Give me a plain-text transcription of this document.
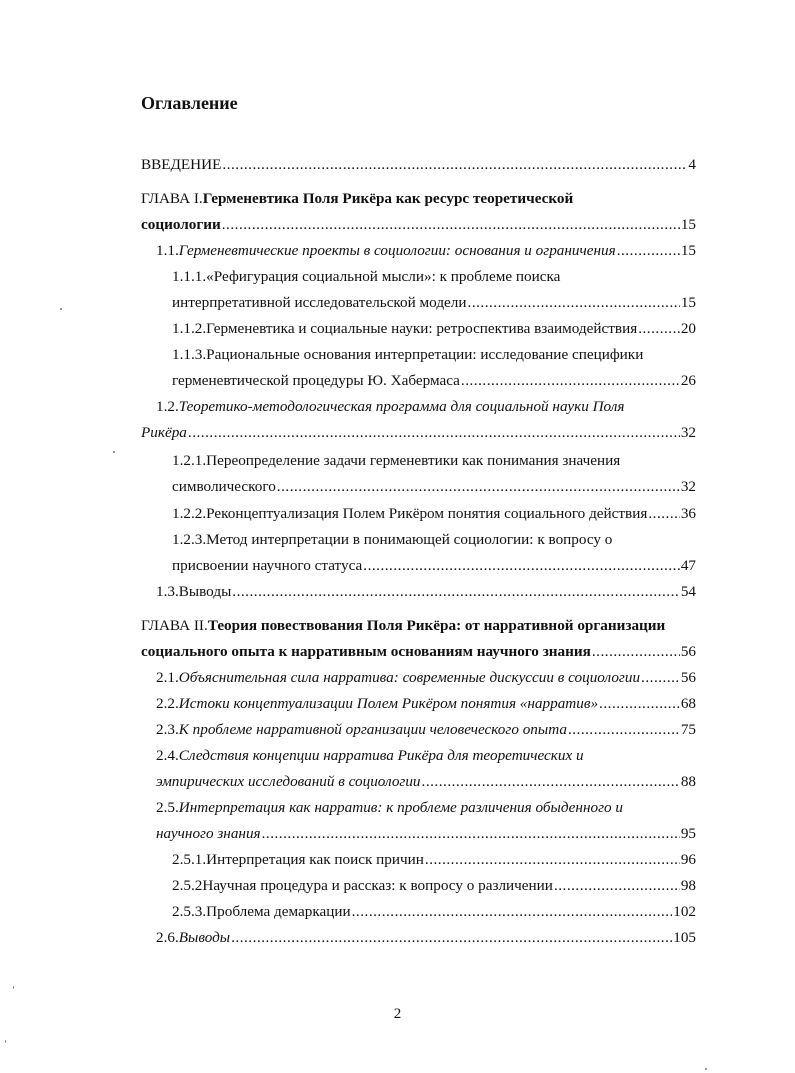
Оглавление
ВВЕДЕНИЕ .....	4
ГЛАВА I. Герменевтика Поля Рикёра как ресурс теоретической
социологии .....	15
1.1. Герменевтические проекты в социологии: основания и ограничения .....	15
1.1.1. «Рефигурация социальной мысли»: к проблеме поиска
интерпретативной исследовательской модели .....	15
1.1.2. Герменевтика и социальные науки: ретроспектива взаимодействия .....	20
1.1.3. Рациональные основания интерпретации: исследование специфики
герменевтической процедуры Ю. Хабермаса .....	26
1.2. Теоретико-методологическая программа для социальной науки Поля
Рикёра .....	32
1.2.1. Переопределение задачи герменевтики как понимания значения
символического .....	32
1.2.2. Реконцептуализация Полем Рикёром понятия социального действия ..... 36
1.2.3. Метод интерпретации в понимающей социологии: к вопросу о
присвоении научного статуса .....	47
1.3. Выводы .....	54
ГЛАВА II. Теория повествования Поля Рикёра: от нарративной организации
социального опыта к нарративным основаниям научного знания .....	56
2.1. Объяснительная сила нарратива: современные дискуссии в социологии .....	56
2.2. Истоки концептуализации Полем Рикёром понятия «нарратив» .....	68
2.3. К проблеме нарративной организации человеческого опыта .....	75
2.4. Следствия концепции нарратива Рикёра для теоретических и
эмпирических исследований в социологии .....	88
2.5. Интерпретация как нарратив: к проблеме различения обыденного и
научного знания .....	95
2.5.1. Интерпретация как поиск причин .....	96
2.5.2 Научная процедура и рассказ: к вопросу о различении .....	98
2.5.3. Проблема демаркации .....	102
2.6. Выводы .....	105
2
